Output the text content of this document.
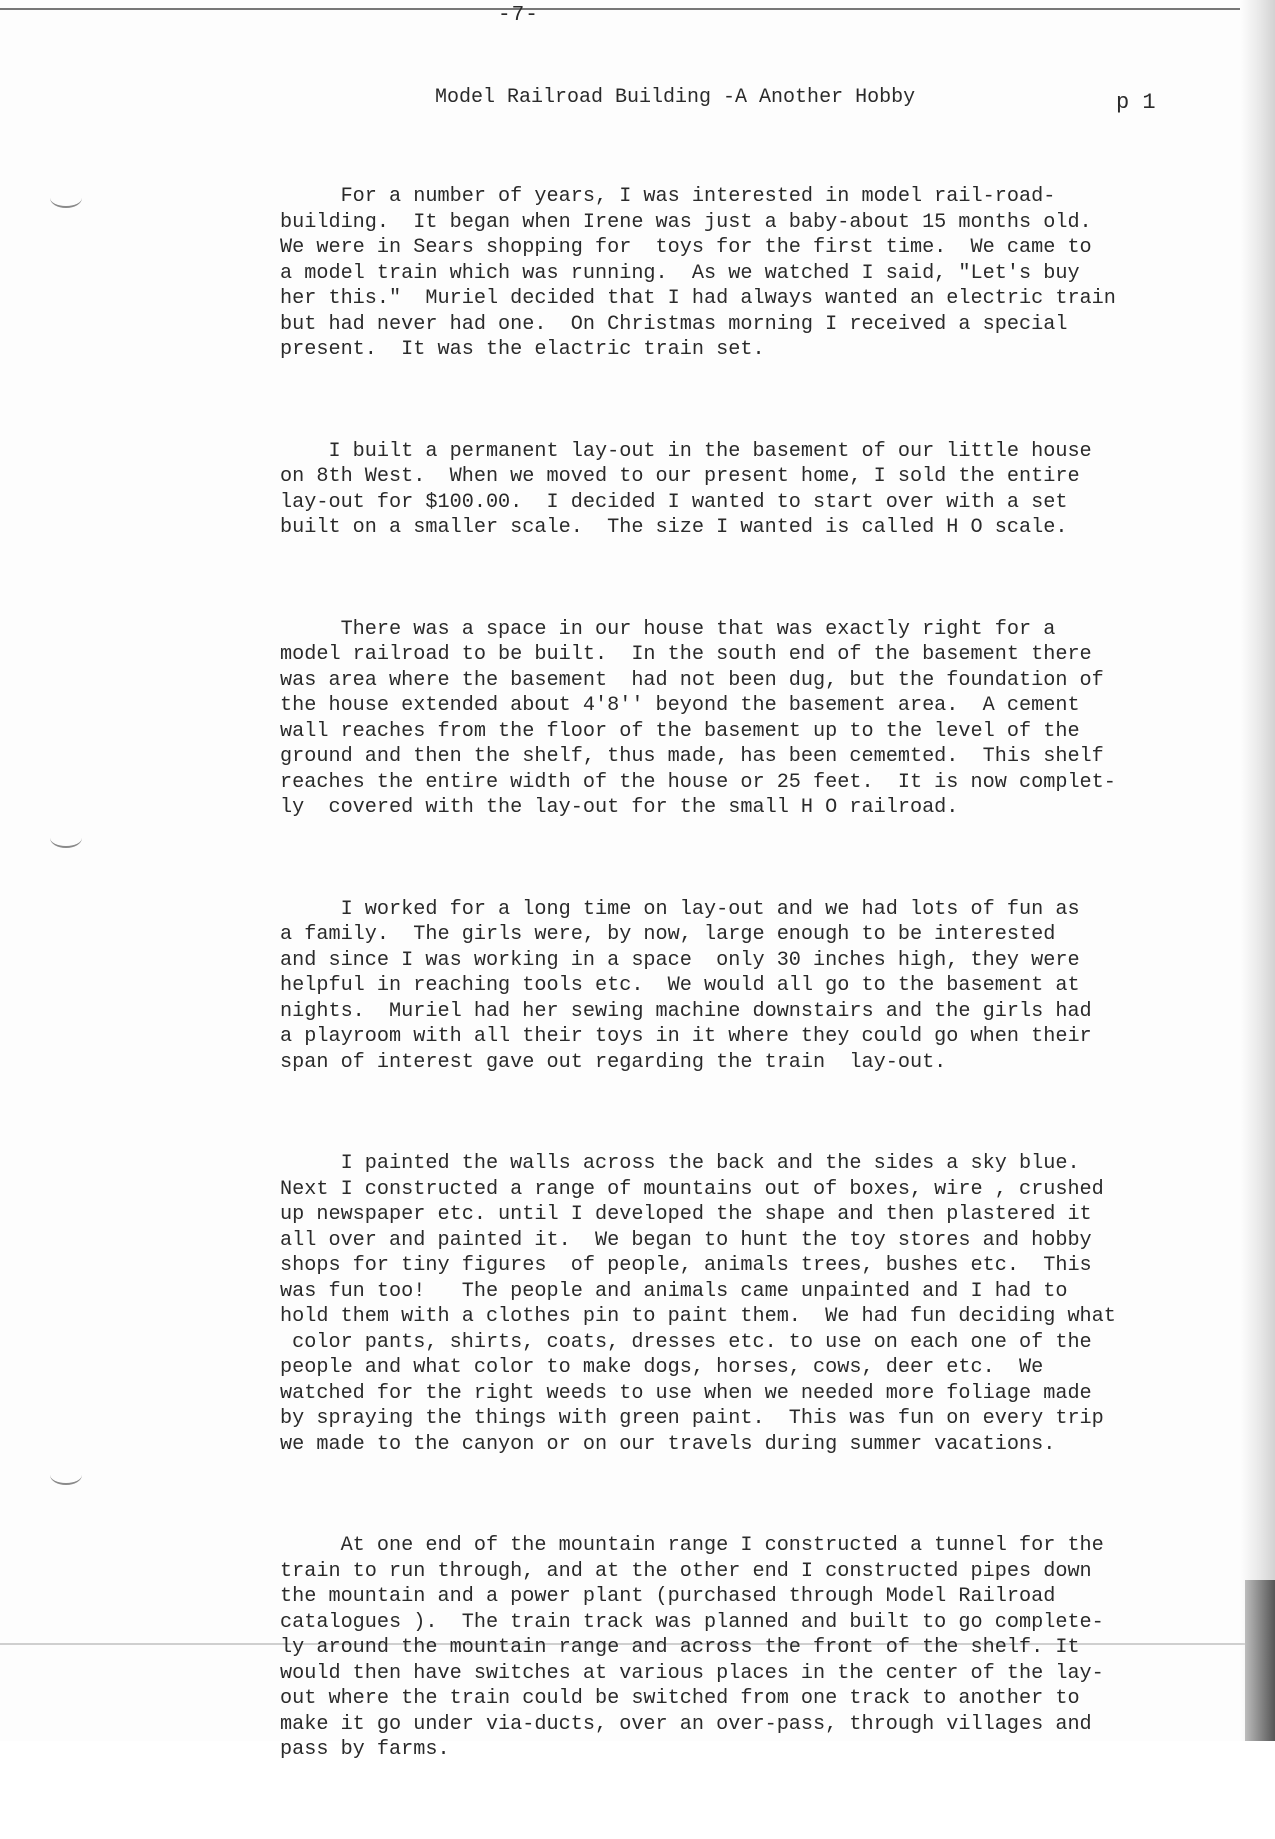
-7-
Model Railroad Building -A Another Hobby	p 1

For a number of years, I was interested in model rail-road-
building.  It began when Irene was just a baby-about 15 months old.
We were in Sears shopping for  toys for the first time.  We came to
a model train which was running.  As we watched I said, "Let's buy
her this."  Muriel decided that I had always wanted an electric train
but had never had one.  On Christmas morning I received a special
present.  It was the elactric train set.

I built a permanent lay-out in the basement of our little house
on 8th West.  When we moved to our present home, I sold the entire
lay-out for $100.00.  I decided I wanted to start over with a set
built on a smaller scale.  The size I wanted is called H O scale.

There was a space in our house that was exactly right for a
model railroad to be built.  In the south end of the basement there
was area where the basement  had not been dug, but the foundation of
the house extended about 4'8'' beyond the basement area.  A cement
wall reaches from the floor of the basement up to the level of the
ground and then the shelf, thus made, has been cememted.  This shelf
reaches the entire width of the house or 25 feet.  It is now complet-
ly  covered with the lay-out for the small H O railroad.

I worked for a long time on lay-out and we had lots of fun as
a family.  The girls were, by now, large enough to be interested
and since I was working in a space  only 30 inches high, they were
helpful in reaching tools etc.  We would all go to the basement at
nights.  Muriel had her sewing machine downstairs and the girls had
a playroom with all their toys in it where they could go when their
span of interest gave out regarding the train  lay-out.

I painted the walls across the back and the sides a sky blue.
Next I constructed a range of mountains out of boxes, wire , crushed
up newspaper etc. until I developed the shape and then plastered it
all over and painted it.  We began to hunt the toy stores and hobby
shops for tiny figures  of people, animals trees, bushes etc.  This
was fun too!   The people and animals came unpainted and I had to
hold them with a clothes pin to paint them.  We had fun deciding what
color pants, shirts, coats, dresses etc. to use on each one of the
people and what color to make dogs, horses, cows, deer etc.  We
watched for the right weeds to use when we needed more foliage made
by spraying the things with green paint.  This was fun on every trip
we made to the canyon or on our travels during summer vacations.

At one end of the mountain range I constructed a tunnel for the
train to run through, and at the other end I constructed pipes down
the mountain and a power plant (purchased through Model Railroad
catalogues ).  The train track was planned and built to go complete-
ly around the mountain range and across the front of the shelf. It
would then have switches at various places in the center of the lay-
out where the train could be switched from one track to another to
make it go under via-ducts, over an over-pass, through villages and
pass by farms.
